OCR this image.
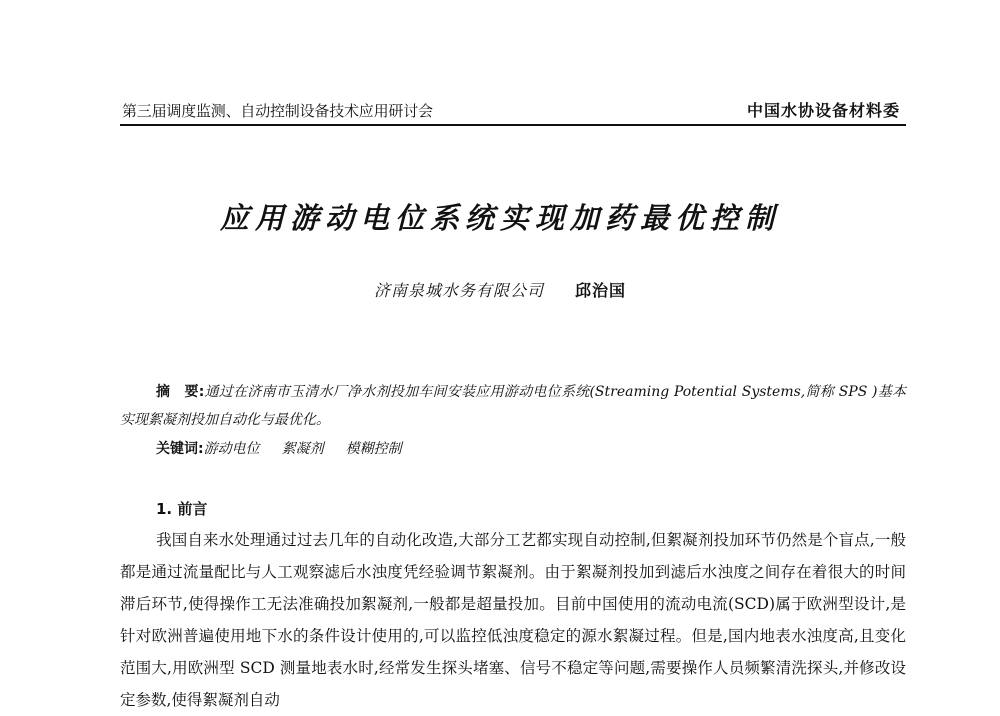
第三届调度监测、自动控制设备技术应用研讨会	中国水协设备材料委
应用游动电位系统实现加药最优控制
济南泉城水务有限公司 邱治国
摘　要:通过在济南市玉清水厂净水剂投加车间安装应用游动电位系统(Streaming Potential Systems,简称 SPS )基本实现絮凝剂投加自动化与最优化。
关键词:游动电位 絮凝剂 模糊控制
1. 前言
我国自来水处理通过过去几年的自动化改造,大部分工艺都实现自动控制,但絮凝剂投加环节仍然是个盲点,一般都是通过流量配比与人工观察滤后水浊度凭经验调节絮凝剂。由于絮凝剂投加到滤后水浊度之间存在着很大的时间滞后环节,使得操作工无法准确投加絮凝剂,一般都是超量投加。目前中国使用的流动电流(SCD)属于欧洲型设计,是针对欧洲普遍使用地下水的条件设计使用的,可以监控低浊度稳定的源水絮凝过程。但是,国内地表水浊度高,且变化范围大,用欧洲型 SCD 测量地表水时,经常发生探头堵塞、信号不稳定等问题,需要操作人员频繁清洗探头,并修改设定参数,使得絮凝剂自动
